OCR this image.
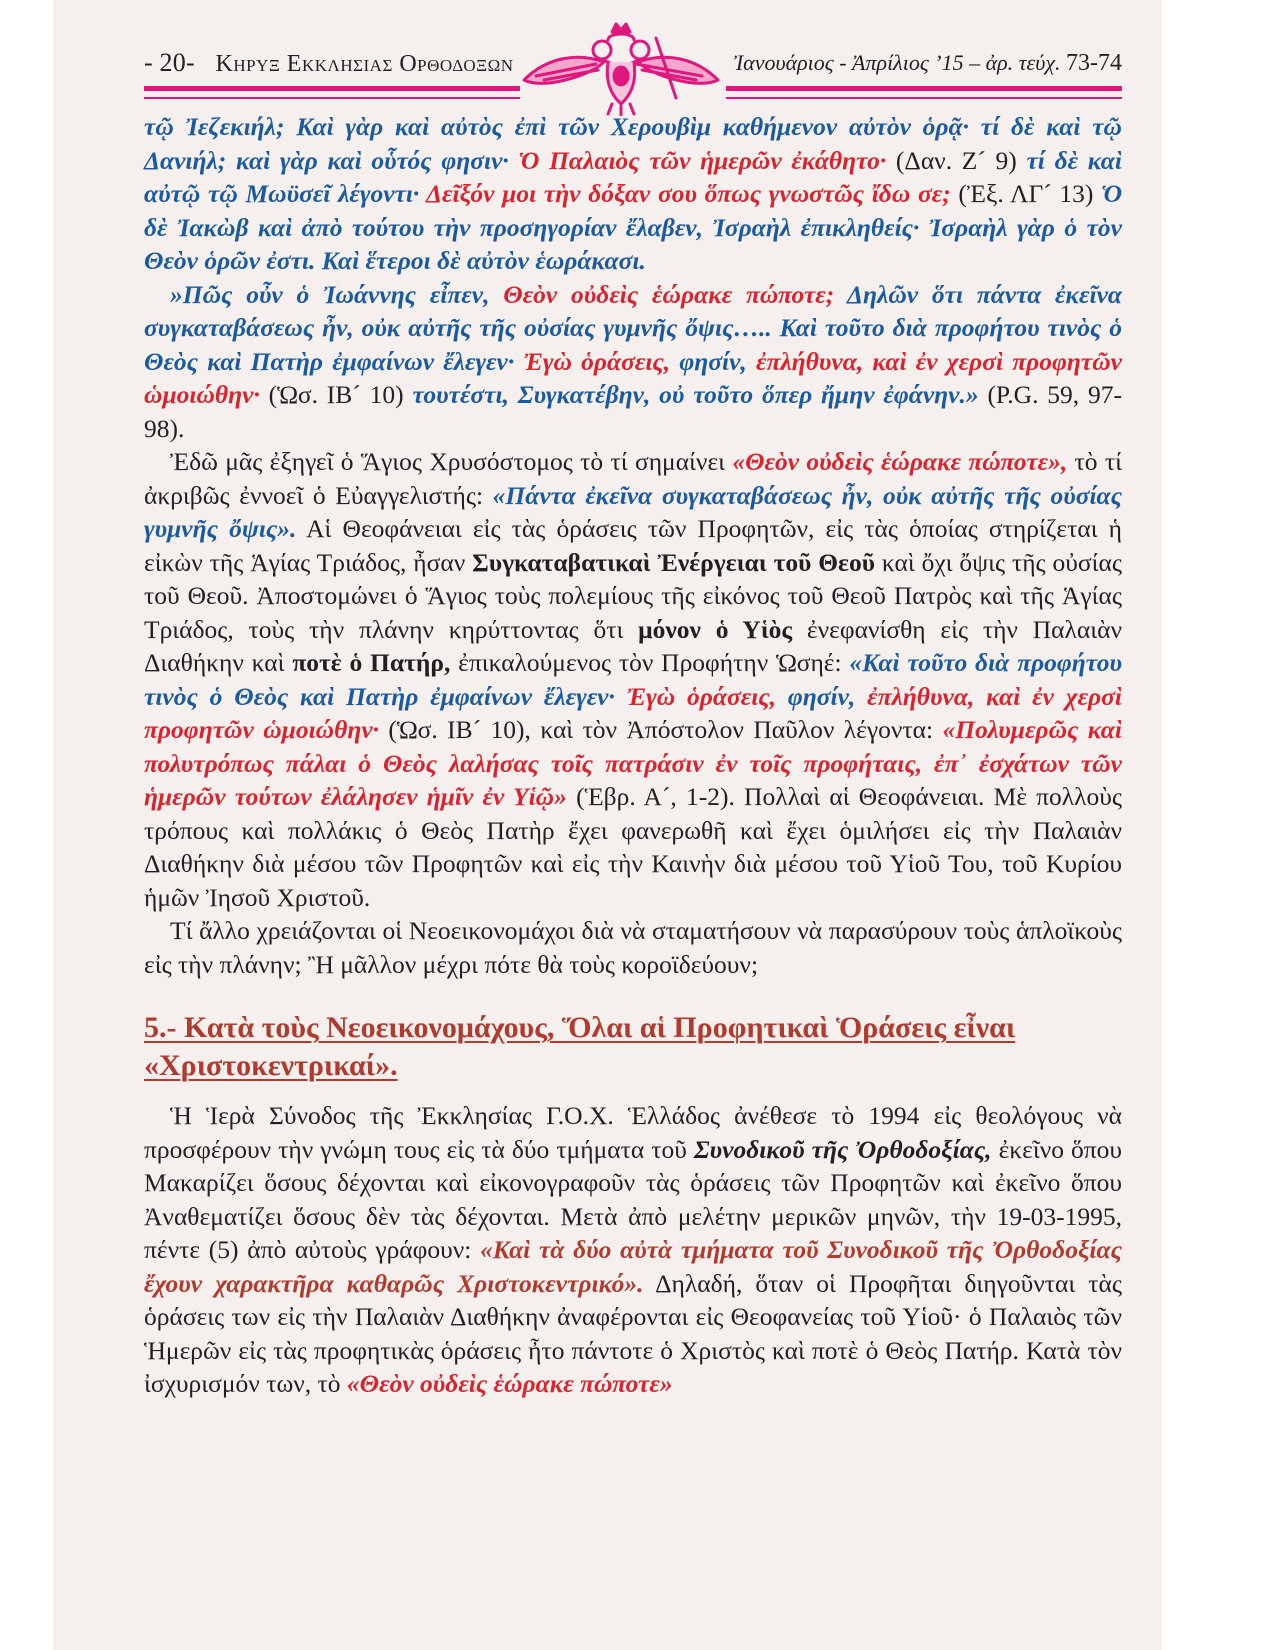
- 20- Κηρυξ Εκκλησιας Ορθοδοξων	Ἰανουάριος - Ἀπρίλιος ’15 – ἀρ. τεύχ. 73-74

τῷ Ἰεζεκιήλ; Καὶ γὰρ καὶ αὐτὸς ἐπὶ τῶν Χερουβὶμ καθήμενον αὐτὸν ὁρᾷ· τί δὲ καὶ τῷ Δανιήλ; καὶ γὰρ καὶ οὗτός φησιν· Ὁ Παλαιὸς τῶν ἡμερῶν ἐκάθητο· (Δαν. Ζ´ 9) τί δὲ καὶ αὐτῷ τῷ Μωϋσεῖ λέγοντι· Δεῖξόν μοι τὴν δόξαν σου ὅπως γνωστῶς ἴδω σε; (Ἐξ. ΛΓ´ 13) Ὁ δὲ Ἰακὼβ καὶ ἀπὸ τούτου τὴν προσηγορίαν ἔλαβεν, Ἰσραὴλ ἐπικληθείς· Ἰσραὴλ γὰρ ὁ τὸν Θεὸν ὁρῶν ἐστι. Καὶ ἕτεροι δὲ αὐτὸν ἑωράκασι.

»Πῶς οὖν ὁ Ἰωάννης εἶπεν, Θεὸν οὐδεὶς ἑώρακε πώποτε; Δηλῶν ὅτι πάντα ἐκεῖνα συγκαταβάσεως ἦν, οὐκ αὐτῆς τῆς οὐσίας γυμνῆς ὄψις….. Καὶ τοῦτο διὰ προφήτου τινὸς ὁ Θεὸς καὶ Πατὴρ ἐμφαίνων ἔλεγεν· Ἐγὼ ὁράσεις, φησίν, ἐπλήθυνα, καὶ ἐν χερσὶ προφητῶν ὡμοιώθην· (Ὡσ. ΙΒ´ 10) τουτέστι, Συγκατέβην, οὐ τοῦτο ὅπερ ἤμην ἐφάνην.» (P.G. 59, 97-98).

Ἐδῶ μᾶς ἐξηγεῖ ὁ Ἅγιος Χρυσόστομος τὸ τί σημαίνει «Θεὸν οὐδεὶς ἑώρακε πώποτε», τὸ τί ἀκριβῶς ἐννοεῖ ὁ Εὐαγγελιστής: «Πάντα ἐκεῖνα συγκαταβάσεως ἦν, οὐκ αὐτῆς τῆς οὐσίας γυμνῆς ὄψις». Αἱ Θεοφάνειαι εἰς τὰς ὁράσεις τῶν Προφητῶν, εἰς τὰς ὁποίας στηρίζεται ἡ εἰκὼν τῆς Ἁγίας Τριάδος, ἦσαν Συγκαταβατικαὶ Ἐνέργειαι τοῦ Θεοῦ καὶ ὄχι ὄψις τῆς οὐσίας τοῦ Θεοῦ. Ἀποστομώνει ὁ Ἅγιος τοὺς πολεμίους τῆς εἰκόνος τοῦ Θεοῦ Πατρὸς καὶ τῆς Ἁγίας Τριάδος, τοὺς τὴν πλάνην κηρύττοντας ὅτι μόνον ὁ Υἱὸς ἐνεφανίσθη εἰς τὴν Παλαιὰν Διαθήκην καὶ ποτὲ ὁ Πατήρ, ἐπικαλούμενος τὸν Προφήτην Ὡσηέ: «Καὶ τοῦτο διὰ προφήτου τινὸς ὁ Θεὸς καὶ Πατὴρ ἐμφαίνων ἔλεγεν· Ἐγὼ ὁράσεις, φησίν, ἐπλήθυνα, καὶ ἐν χερσὶ προφητῶν ὡμοιώθην· (Ὡσ. ΙΒ´ 10), καὶ τὸν Ἀπόστολον Παῦλον λέγοντα: «Πολυμερῶς καὶ πολυτρόπως πάλαι ὁ Θεὸς λαλήσας τοῖς πατράσιν ἐν τοῖς προφήταις, ἐπ᾿ ἐσχάτων τῶν ἡμερῶν τούτων ἐλάλησεν ἡμῖν ἐν Υἱῷ» (Ἑβρ. Α´, 1-2). Πολλαὶ αἱ Θεοφάνειαι. Μὲ πολλοὺς τρόπους καὶ πολλάκις ὁ Θεὸς Πατὴρ ἔχει φανερωθῆ καὶ ἔχει ὁμιλήσει εἰς τὴν Παλαιὰν Διαθήκην διὰ μέσου τῶν Προφητῶν καὶ εἰς τὴν Καινὴν διὰ μέσου τοῦ Υἱοῦ Του, τοῦ Κυρίου ἡμῶν Ἰησοῦ Χριστοῦ.

Τί ἄλλο χρειάζονται οἱ Νεοεικονομάχοι διὰ νὰ σταματήσουν νὰ παρασύρουν τοὺς ἁπλοϊκοὺς εἰς τὴν πλάνην; Ἢ μᾶλλον μέχρι πότε θὰ τοὺς κοροϊδεύουν;

5.- Κατὰ τοὺς Νεοεικονομάχους, Ὅλαι αἱ Προφητικαὶ Ὁράσεις εἶναι «Χριστοκεντρικαί».

Ἡ Ἱερὰ Σύνοδος τῆς Ἐκκλησίας Γ.Ο.Χ. Ἑλλάδος ἀνέθεσε τὸ 1994 εἰς θεολόγους νὰ προσφέρουν τὴν γνώμη τους εἰς τὰ δύο τμήματα τοῦ Συνοδικοῦ τῆς Ὀρθοδοξίας, ἐκεῖνο ὅπου Μακαρίζει ὅσους δέχονται καὶ εἰκονογραφοῦν τὰς ὁράσεις τῶν Προφητῶν καὶ ἐκεῖνο ὅπου Ἀναθεματίζει ὅσους δὲν τὰς δέχονται. Μετὰ ἀπὸ μελέτην μερικῶν μηνῶν, τὴν 19-03-1995, πέντε (5) ἀπὸ αὐτοὺς γράφουν: «Καὶ τὰ δύο αὐτὰ τμήματα τοῦ Συνοδικοῦ τῆς Ὀρθοδοξίας ἔχουν χαρακτῆρα καθαρῶς Χριστοκεντρικό». Δηλαδή, ὅταν οἱ Προφῆται διηγοῦνται τὰς ὁράσεις των εἰς τὴν Παλαιὰν Διαθήκην ἀναφέρονται εἰς Θεοφανείας τοῦ Υἱοῦ· ὁ Παλαιὸς τῶν Ἡμερῶν εἰς τὰς προφητικὰς ὁράσεις ἦτο πάντοτε ὁ Χριστὸς καὶ ποτὲ ὁ Θεὸς Πατήρ. Κατὰ τὸν ἰσχυρισμόν των, τὸ «Θεὸν οὐδεὶς ἑώρακε πώποτε»
